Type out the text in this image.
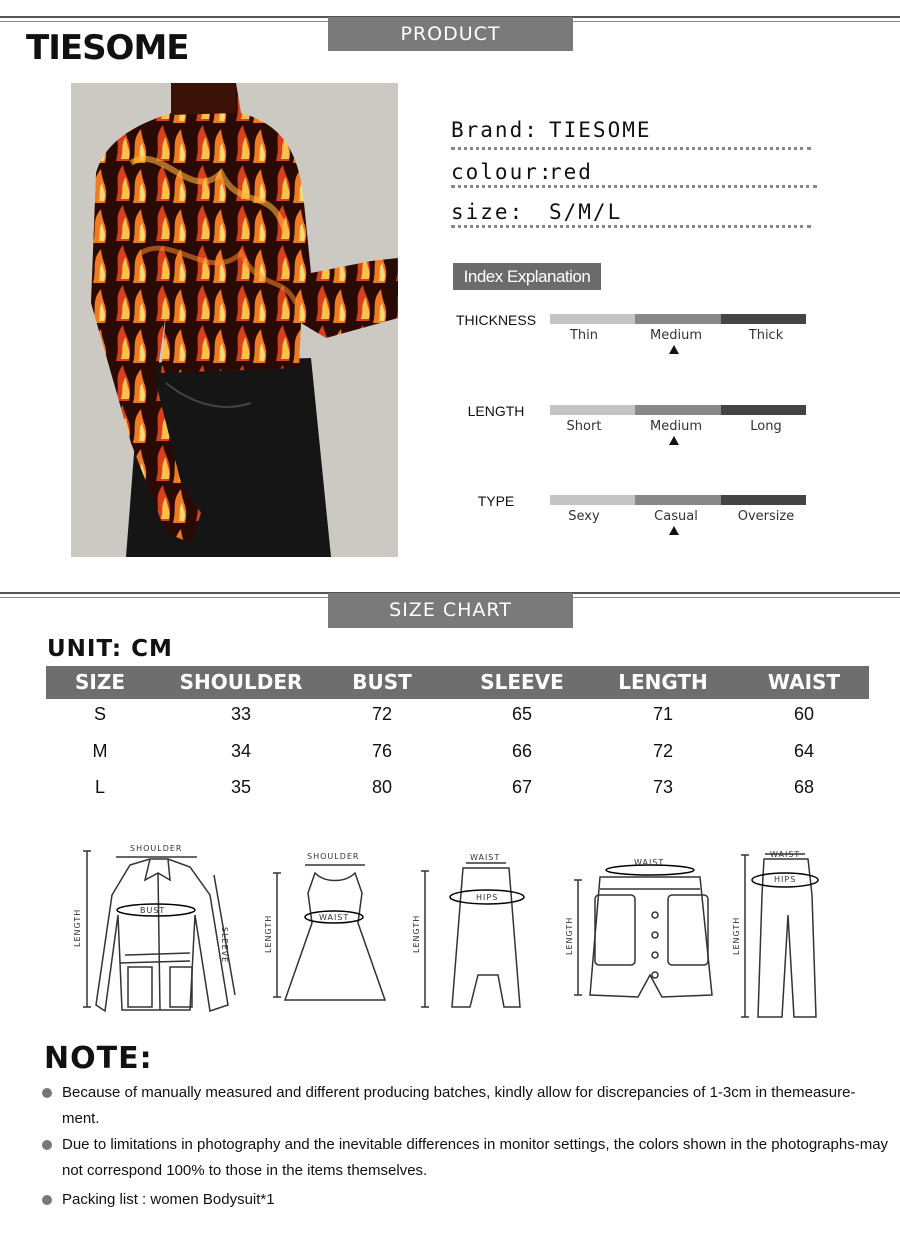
PRODUCT INFORMATION
TIESOME
Brand: TIESOME
colour:red
size: S/M/L
Index Explanation
THICKNESS
Thin	Medium	Thick
LENGTH
Short	Medium	Long
TYPE
Sexy	Casual	Oversize
SIZE CHART
UNIT: CM
SIZE	SHOULDER	BUST	SLEEVE	LENGTH	WAIST
S	33	72	65	71	60
M	34	76	66	72	64
L	35	80	67	73	68
SHOULDER
BUST
LENGTH	SLEEVE
SHOULDER
WAIST
LENGTH
WAIST
HIPS
LENGTH
WAIST
LENGTH
WAIST
HIPS
LENGTH
NOTE:
Because of manually measured and different producing batches, kindly allow for discrepancies of 1-3cm in themeasure-ment.
Due to limitations in photography and the inevitable differences in monitor settings, the colors shown in the photographs-may not correspond 100% to those in the items themselves.
Packing list : women Bodysuit*1
